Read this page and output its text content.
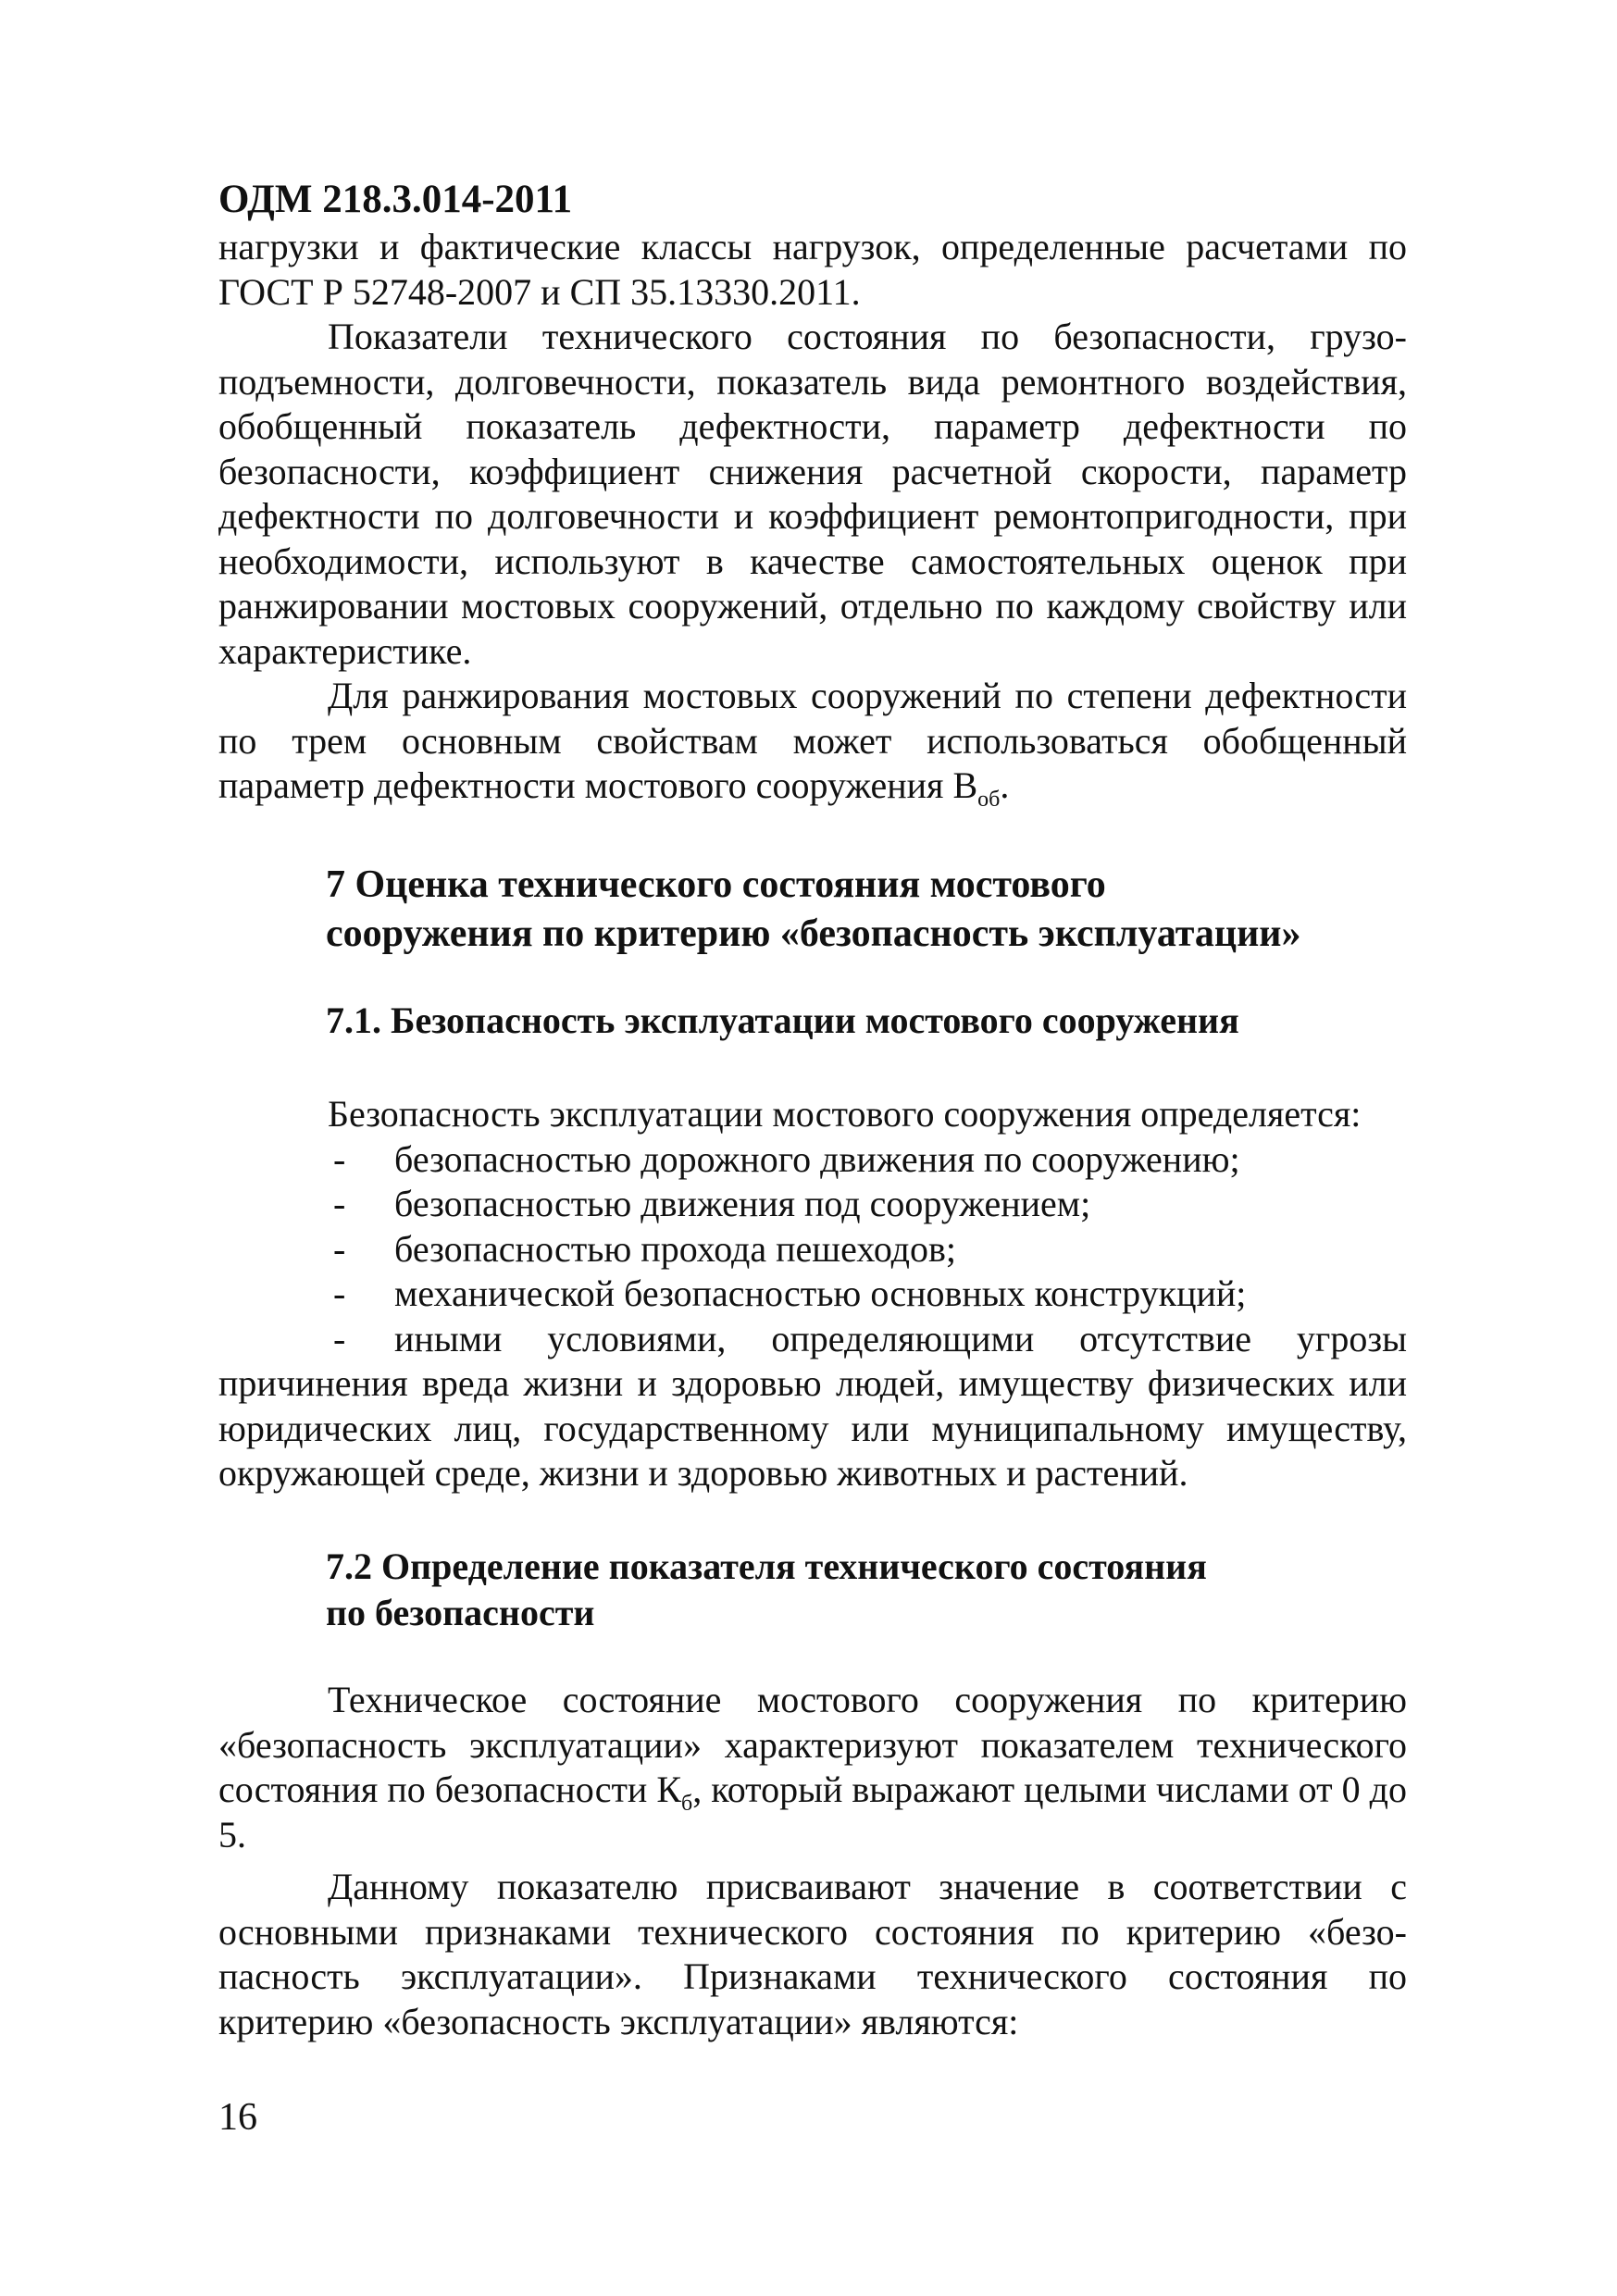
ОДМ 218.3.014-2011

нагрузки и фактические классы нагрузок, определенные расчетами по ГОСТ Р 52748-2007 и СП 35.13330.2011.

Показатели технического состояния по безопасности, грузо-подъемности, долговечности, показатель вида ремонтного воздействия, обобщенный показатель дефектности, параметр дефектности по безопасности, коэффициент снижения расчетной скорости, параметр дефектности по долговечности и коэффициент ремонтопригодности, при необходимости, используют в качестве самостоятельных оценок при ранжировании мостовых сооружений, отдельно по каждому свойству или характеристике.

Для ранжирования мостовых сооружений по степени дефектности по трем основным свойствам может использоваться обобщенный параметр дефектности мостового сооружения $В_{об}$.

7 Оценка технического состояния мостового
сооружения по критерию «безопасность эксплуатации»
7.1. Безопасность эксплуатации мостового сооружения

Безопасность эксплуатации мостового сооружения определяется:

- безопасностью дорожного движения по сооружению;

- безопасностью движения под сооружением;

- безопасностью прохода пешеходов;

- механической безопасностью основных конструкций;

- иными условиями, определяющими отсутствие угрозы причинения вреда жизни и здоровью людей, имуществу физических или юридических лиц, государственному или муниципальному имуществу, окружающей среде, жизни и здоровью животных и растений.

7.2 Определение показателя технического состояния
по безопасности

Техническое состояние мостового сооружения по критерию «безопасность эксплуатации» характеризуют показателем технического состояния по безопасности $К_б$, который выражают целыми числами от 0 до 5.

Данному показателю присваивают значение в соответствии с основными признаками технического состояния по критерию «безо-пасность эксплуатации». Признаками технического состояния по критерию «безопасность эксплуатации» являются:

16
